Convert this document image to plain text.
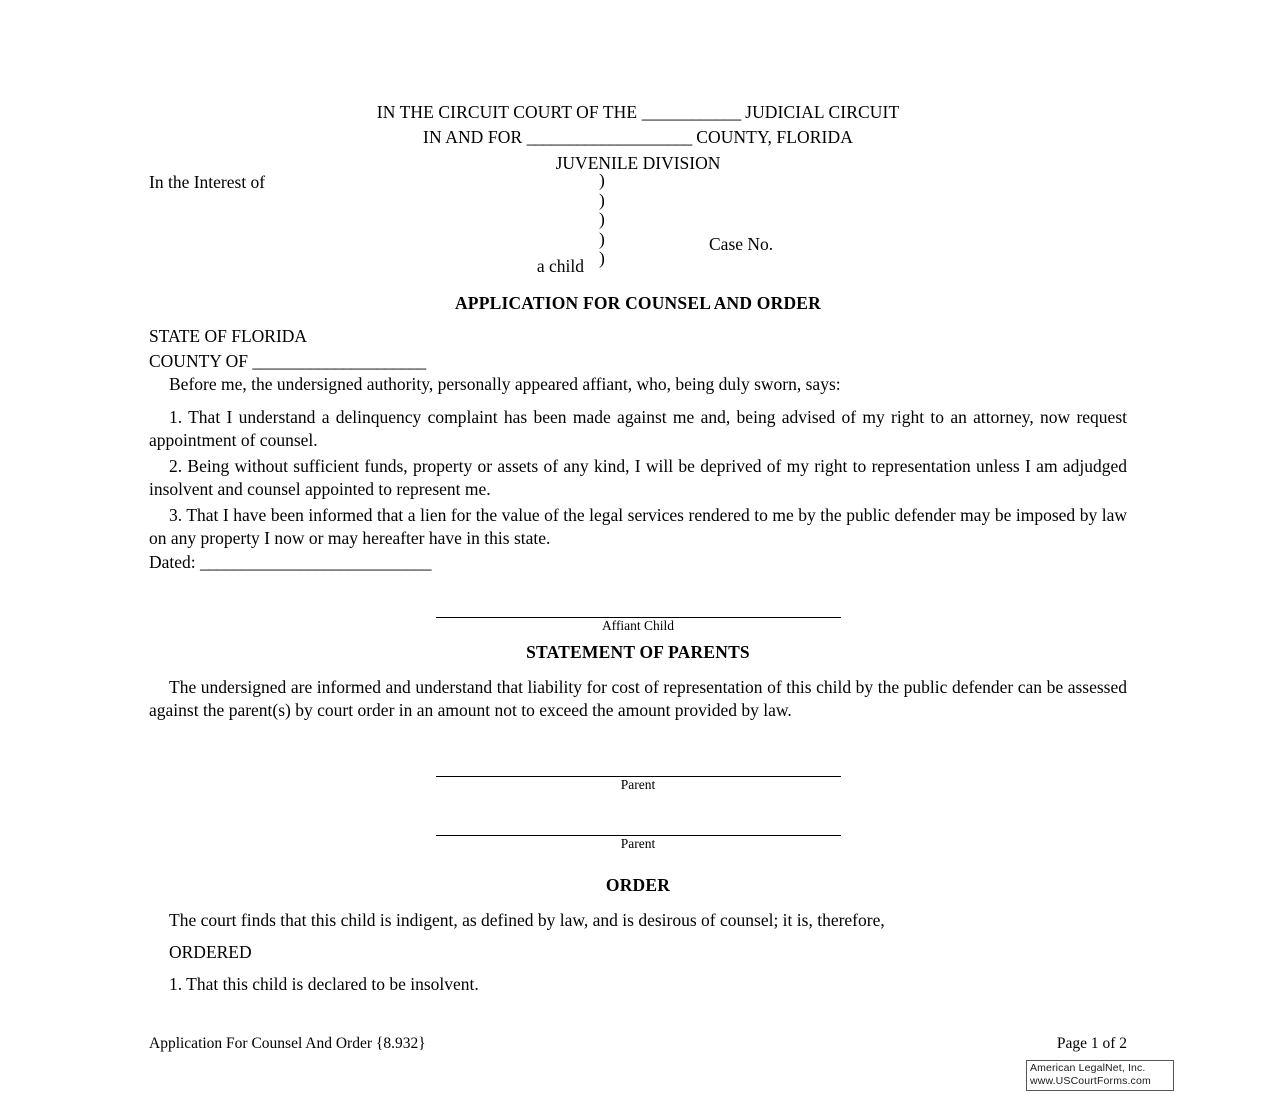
IN THE CIRCUIT COURT OF THE ____________ JUDICIAL CIRCUIT
IN AND FOR ____________________ COUNTY, FLORIDA
JUVENILE DIVISION
In the Interest of	)
)
)
)
)
a child
Case No.
APPLICATION FOR COUNSEL AND ORDER
STATE OF FLORIDA
COUNTY OF _____________________

Before me, the undersigned authority, personally appeared affiant, who, being duly sworn, says:

1. That I understand a delinquency complaint has been made against me and, being advised of my right to an attorney, now request appointment of counsel.

2. Being without sufficient funds, property or assets of any kind, I will be deprived of my right to representation unless I am adjudged insolvent and counsel appointed to represent me.

3. That I have been informed that a lien for the value of the legal services rendered to me by the public defender may be imposed by law on any property I now or may hereafter have in this state.

Dated: ____________________________

Affiant Child
STATEMENT OF PARENTS

The undersigned are informed and understand that liability for cost of representation of this child by the public defender can be assessed against the parent(s) by court order in an amount not to exceed the amount provided by law.

Parent
Parent
ORDER

The court finds that this child is indigent, as defined by law, and is desirous of counsel; it is, therefore,

ORDERED

1. That this child is declared to be insolvent.

Application For Counsel And Order {8.932}	Page 1 of 2
American LegalNet, Inc.
www.USCourtForms.com
